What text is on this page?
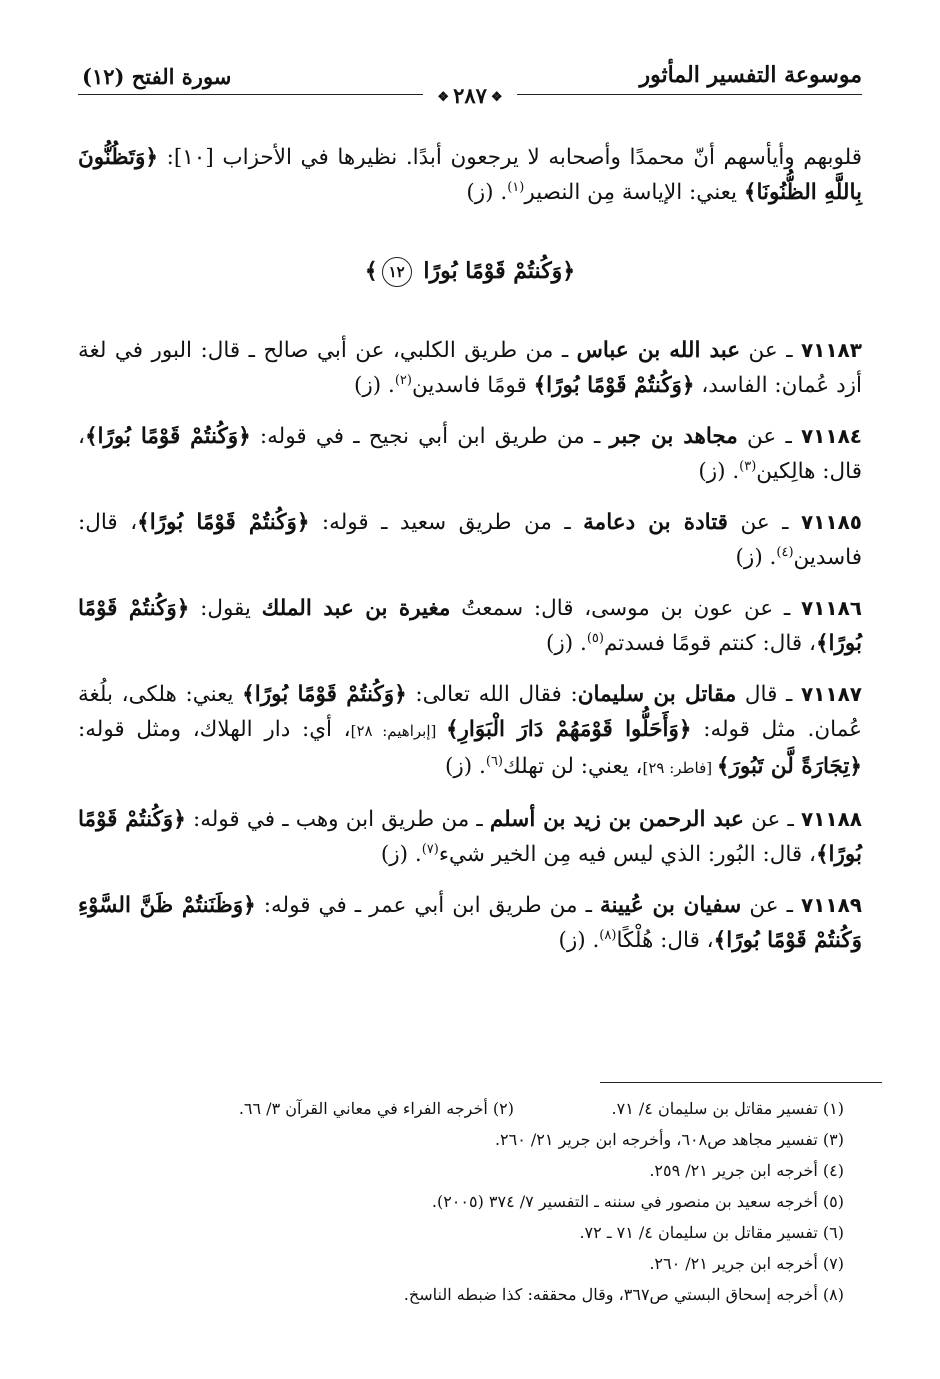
موسوعة التفسير المأثور
سورة الفتح (١٢)
❖٢٨٧❖

قلوبهم وأيأسهم أنّ محمدًا وأصحابه لا يرجعون أبدًا. نظيرها في الأحزاب [١٠]: ﴿وَتَظُنُّونَ بِاللَّهِ الظُّنُونَا﴾ يعني: الإياسة مِن النصير$^{(١)}$. (ز)

﴿وَكُنتُمْ قَوْمًا بُورًا ١٢﴾

٧١١٨٣ ـ عن عبد الله بن عباس ـ من طريق الكلبي، عن أبي صالح ـ قال: البور في لغة أزد عُمان: الفاسد، ﴿وَكُنتُمْ قَوْمًا بُورًا﴾ قومًا فاسدين$^{(٢)}$. (ز)

٧١١٨٤ ـ عن مجاهد بن جبر ـ من طريق ابن أبي نجيح ـ في قوله: ﴿وَكُنتُمْ قَوْمًا بُورًا﴾، قال: هالِكين$^{(٣)}$. (ز)

٧١١٨٥ ـ عن قتادة بن دعامة ـ من طريق سعيد ـ قوله: ﴿وَكُنتُمْ قَوْمًا بُورًا﴾، قال: فاسدين$^{(٤)}$. (ز)

٧١١٨٦ ـ عن عون بن موسى، قال: سمعتُ مغيرة بن عبد الملك يقول: ﴿وَكُنتُمْ قَوْمًا بُورًا﴾، قال: كنتم قومًا فسدتم$^{(٥)}$. (ز)

٧١١٨٧ ـ قال مقاتل بن سليمان: فقال الله تعالى: ﴿وَكُنتُمْ قَوْمًا بُورًا﴾ يعني: هلكى، بلُغة عُمان. مثل قوله: ﴿وَأَحَلُّوا قَوْمَهُمْ دَارَ الْبَوَارِ﴾ [إبراهيم: ٢٨]، أي: دار الهلاك، ومثل قوله: ﴿تِجَارَةً لَّن تَبُورَ﴾ [فاطر: ٢٩]، يعني: لن تهلك$^{(٦)}$. (ز)

٧١١٨٨ ـ عن عبد الرحمن بن زيد بن أسلم ـ من طريق ابن وهب ـ في قوله: ﴿وَكُنتُمْ قَوْمًا بُورًا﴾، قال: البُور: الذي ليس فيه مِن الخير شيء$^{(٧)}$. (ز)

٧١١٨٩ ـ عن سفيان بن عُيينة ـ من طريق ابن أبي عمر ـ في قوله: ﴿وَظَنَنتُمْ ظَنَّ السَّوْءِ وَكُنتُمْ قَوْمًا بُورًا﴾، قال: هُلْكًا$^{(٨)}$. (ز)

(١) تفسير مقاتل بن سليمان ٤/ ٧١.
(٢) أخرجه الفراء في معاني القرآن ٣/ ٦٦.
(٣) تفسير مجاهد ص٦٠٨، وأخرجه ابن جرير ٢١/ ٢٦٠.
(٤) أخرجه ابن جرير ٢١/ ٢٥٩.
(٥) أخرجه سعيد بن منصور في سننه ـ التفسير ٧/ ٣٧٤ (٢٠٠٥).
(٦) تفسير مقاتل بن سليمان ٤/ ٧١ ـ ٧٢.
(٧) أخرجه ابن جرير ٢١/ ٢٦٠.
(٨) أخرجه إسحاق البستي ص٣٦٧، وقال محققه: كذا ضبطه الناسخ.
